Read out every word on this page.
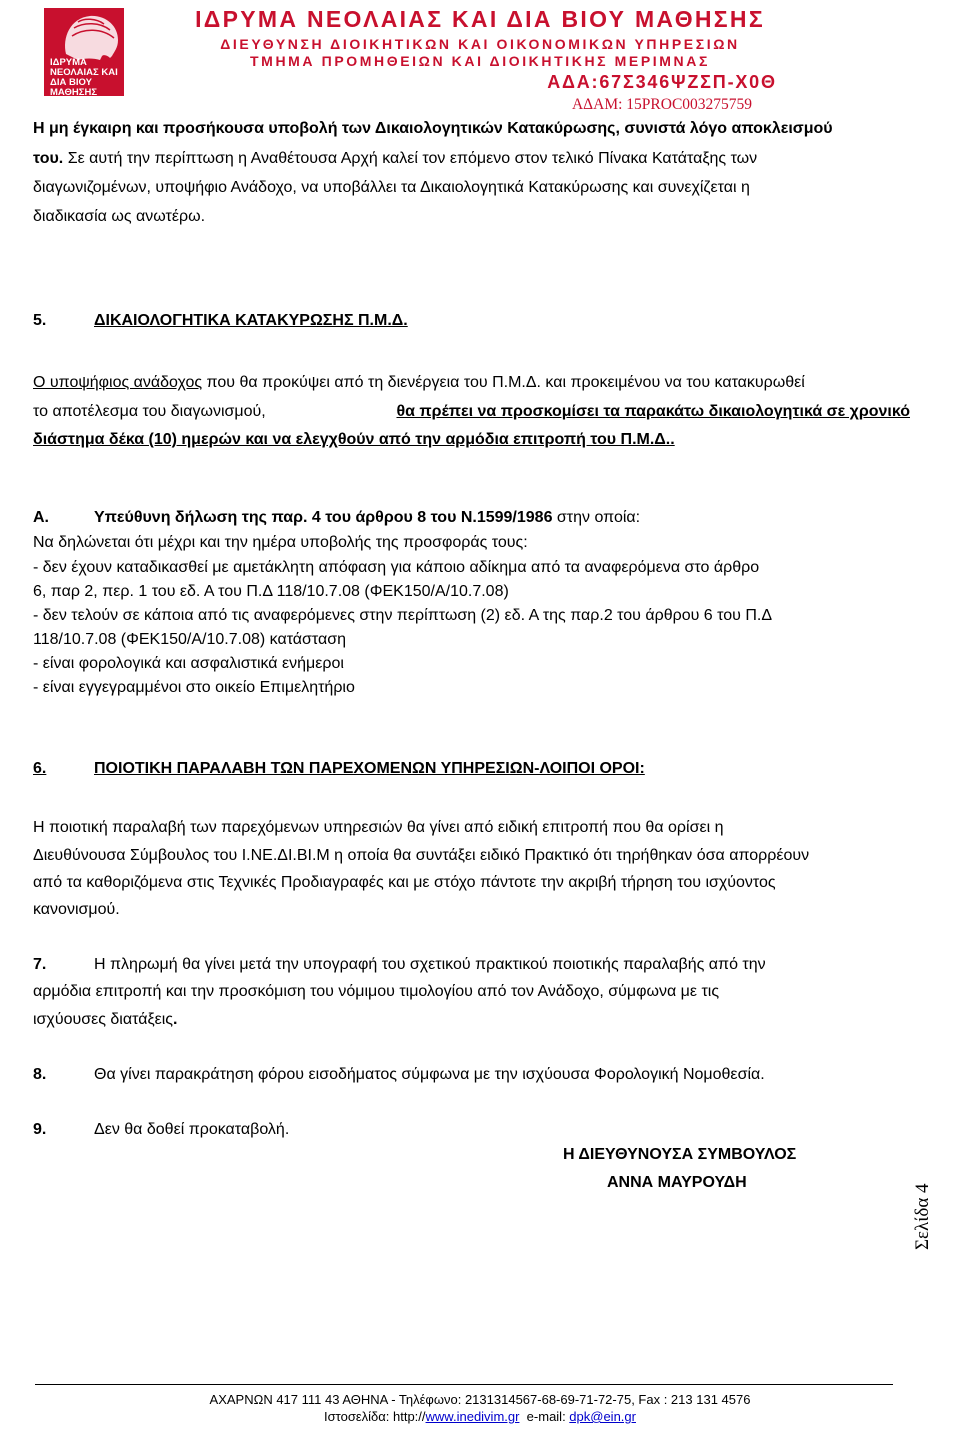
ΙΔΡΥΜΑ ΝΕΟΛΑΙΑΣ ΚΑΙ ΔΙΑ ΒΙΟΥ ΜΑΘΗΣΗΣ
ΙΔΡΥΜΑ ΝΕΟΛΑΙΑΣ ΚΑΙ ΔΙΑ ΒΙΟΥ ΜΑΘΗΣΗΣ
ΔΙΕΥΘΥΝΣΗ ΔΙΟΙΚΗΤΙΚΩΝ ΚΑΙ ΟΙΚΟΝΟΜΙΚΩΝ ΥΠΗΡΕΣΙΩΝ
ΤΜΗΜΑ ΠΡΟΜΗΘΕΙΩΝ ΚΑΙ ΔΙΟΙΚΗΤΙΚΗΣ ΜΕΡΙΜΝΑΣ
ΑΔΑ:67Σ346ΨΖΣΠ-Χ0Θ
ΑΔΑΜ: 15PROC003275759
Η μη έγκαιρη και προσήκουσα υποβολή των Δικαιολογητικών Κατακύρωσης, συνιστά λόγο αποκλεισμού
του. Σε αυτή την περίπτωση η Αναθέτουσα Αρχή καλεί τον επόμενο στον τελικό Πίνακα Κατάταξης των
διαγωνιζομένων, υποψήφιο Ανάδοχο, να υποβάλλει τα Δικαιολογητικά Κατακύρωσης και συνεχίζεται η
διαδικασία ως ανωτέρω.
5.	ΔΙΚΑΙΟΛΟΓΗΤΙΚΑ ΚΑΤΑΚΥΡΩΣΗΣ Π.Μ.Δ.
Ο υποψήφιος ανάδοχος που θα προκύψει από τη διενέργεια του Π.Μ.Δ. και προκειμένου να του κατακυρωθεί
το αποτέλεσμα του διαγωνισμού,	θα πρέπει να προσκομίσει τα παρακάτω δικαιολογητικά σε χρονικό
διάστημα δέκα (10) ημερών και να ελεγχθούν από την αρμόδια επιτροπή του Π.Μ.Δ..
Α.	Υπεύθυνη δήλωση της παρ. 4 του άρθρου 8 του Ν.1599/1986 στην οποία:
Να δηλώνεται ότι μέχρι και την ημέρα υποβολής της προσφοράς τους:
- δεν έχουν καταδικασθεί με αμετάκλητη απόφαση για κάποιο αδίκημα από τα αναφερόμενα στο άρθρο
6, παρ 2, περ. 1 του εδ. Α του Π.Δ 118/10.7.08 (ΦΕΚ150/Α/10.7.08)
- δεν τελούν σε κάποια από τις αναφερόμενες στην περίπτωση (2) εδ. Α της παρ.2 του άρθρου 6 του Π.Δ
118/10.7.08 (ΦΕΚ150/Α/10.7.08) κατάσταση
- είναι φορολογικά και ασφαλιστικά ενήμεροι
- είναι εγγεγραμμένοι στο οικείο Επιμελητήριο
6.	ΠΟΙΟΤΙΚΗ ΠΑΡΑΛΑΒΗ ΤΩΝ ΠΑΡΕΧΟΜΕΝΩΝ ΥΠΗΡΕΣΙΩΝ-ΛΟΙΠΟΙ ΟΡΟΙ:
Η ποιοτική παραλαβή των παρεχόμενων υπηρεσιών θα γίνει από ειδική επιτροπή που θα ορίσει η
Διευθύνουσα Σύμβουλος του Ι.ΝΕ.ΔΙ.ΒΙ.Μ η οποία θα συντάξει ειδικό Πρακτικό ότι τηρήθηκαν όσα απορρέουν
από τα καθοριζόμενα στις Τεχνικές Προδιαγραφές και με στόχο πάντοτε την ακριβή τήρηση του ισχύοντος
κανονισμού.
7.	Η πληρωμή θα γίνει μετά την υπογραφή του σχετικού πρακτικού ποιοτικής παραλαβής από την
αρμόδια επιτροπή και την προσκόμιση του νόμιμου τιμολογίου από τον Ανάδοχο, σύμφωνα με τις
ισχύουσες διατάξεις.
8.	Θα γίνει παρακράτηση φόρου εισοδήματος σύμφωνα με την ισχύουσα Φορολογική Νομοθεσία.
9.	Δεν θα δοθεί προκαταβολή.
Η ΔΙΕΥΘΥΝΟΥΣΑ ΣΥΜΒΟΥΛΟΣ
ΑΝΝΑ ΜΑΥΡΟΥΔΗ
Σελίδα 4
ΑΧΑΡΝΩΝ 417 111 43 ΑΘΗΝΑ - Τηλέφωνο: 2131314567-68-69-71-72-75, Fax : 213 131 4576
Ιστοσελίδα: http://www.inedivim.gr  e-mail: dpk@ein.gr
